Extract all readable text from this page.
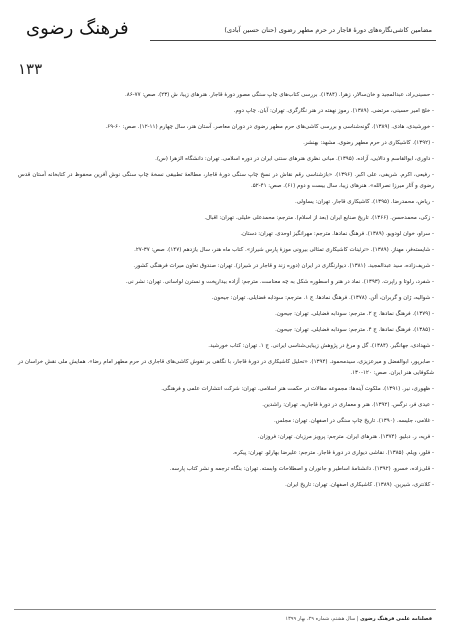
فرهنگ رضوی	مضامین کاشی‌نگاره‌های دورۀ قاجار در حرم مطهر رضوی (حنان حسین آبادی)
۱۳۳

- حسینی‌راد، عبدالمجید و خان‌سالار، زهرا. (۱۳۸۴). بررسی کتاب‌های چاپ سنگی مصور دورۀ قاجار. هنرهای زیبا، ش (۲۳). صص: ۷۷-۸۶.

- خلج امیر حسینی، مرتضی. (۱۳۸۹). رموز نهفته در هنر نگارگری. تهران: آبان. چاپ دوم.

- خورشیدی، هادی. (۱۳۸۹). گونه‌شناسی و بررسی کاشی‌های حرم مطهر رضوی در دوران معاصر. آستان هنر، سال چهارم (۱۱-۱۲). صص: ۶۰-۶۹.

- (۱۳۹۲). کاشیکاری در حرم مطهر رضوی. مشهد: بهنشر.

- داوری، ابوالقاسم و دالایی، آزاده. (۱۳۹۵). مبانی نظری هنرهای سنتی ایران در دوره اسلامی. تهران: دانشگاه الزهرا (س).

- رفیعی، اکرم. شریفی، علی اکبر. (۱۳۹۶). «بازشناسی رقم نقاش در نسخ چاپ سنگی دورۀ قاجار، مطالعۀ تطبیقی نسخۀ چاپ سنگی نوش آفرین محفوظ در کتابخانه آستان قدس رضوی و آثار میرزا نصرالله». هنرهای زیبا، سال بیست و دوم (۶۱). صص: ۴۱-۵۲.

- رياض، محمدرضا. (۱۳۹۵). کاشیکاری قاجار. تهران: یساولی.

- زکی، محمدحسن. (۱۳۶۶). تاریخ صنایع ایران (بعد از اسلام). مترجم: محمدعلی خلیلی. تهران: اقبال.

- سراو، خوان لودویو. (۱۳۸۹). فرهنگ نمادها. مترجم: مهرانگیز اوحدی. تهران: دستان.

- شایسته‌فر، مهناز. (۱۳۸۹). «ترئینات کاشیکاری تمثالی بیرونی موزۀ پارس شیراز». کتاب ماه هنر، سال یازدهم (۱۴۷). صص: ۳۷-۲۷.

- شریف‌زاده، سید عبدالمجید. (۱۳۸۱). دیوارنگاری در ایران (دوره زند و قاجار در شیراز). تهران: صندوق تعاون میراث فرهنگی کشور.

- شفرد، رلوتا و راپرت. (۱۳۹۳). نماد در هنر و اسطوره شکل به چه معناست. مترجم: آزاده بیدارپخت و نسترن لواسانی. تهران: نشر نی.

- شوالیه، ژان و گربران، آلن. (۱۳۷۸). فرهنگ نمادها. ج ۱. مترجم: سودابه فضایلی. تهران: جیحون.

- (۱۳۷۹). فرهنگ نمادها. ج ۲. مترجم: سودابه فضایلی. تهران: جیحون.

- (۱۳۸۵). فرهنگ نمادها. ج ۴. مترجم: سودابه فضایلی. تهران: جیحون.

- شهدادی، جهانگیر. (۱۳۸۴). گل و مرغ در پژوهش زیبایی‌شناسی ایرانی. ج ۱. تهران: کتاب خورشید.

- صابرپور، ابوالفضل و میرعزیزی، سیدمحمود. (۱۳۹۴). «تحلیل کاشیکاری در دورۀ قاجار، با نگاهی بر نقوش کاشی‌های قاجاری در حرم مطهر امام رضا». همایش ملی نقش خراسان در شکوفایی هنر ایران. صص: ۱۲۰-۱۳۰.

- ظهوری، نیر. (۱۳۹۱). ملکوت آینه‌ها: مجموعه مقالات در حکمت هنر اسلامی. تهران: شرکت انتشارات علمی و فرهنگی.

- عیدی فر، نرگس. (۱۳۹۲). هنر و معماری در دورۀ قاجاریه. تهران: راشدین.

- غلامی، جلیسه. (۱۳۹۰). تاریخ چاپ سنگی در اصفهان. تهران: مجلس.

- فریه، ر. دبلیو. (۱۳۷۴). هنرهای ایران. مترجم: پرویز مرزبان. تهران: فروزان.

- فلور، ویلم. (۱۳۸۵). نقاشی دیواری در دورۀ قاجار. مترجم: علیرضا بهارلو. تهران: پیکره.

- قلی‌زاده، خسرو. (۱۳۹۲). دانشنامۀ اساطیر و جانوران و اصطلاحات وابسته. تهران: بنگاه ترجمه و نشر کتاب پارسه.

- کلانتری، شیرین. (۱۳۸۹). کاشیکاری اصفهان. تهران: تاریخ ایران.

فصلنامه علمی فرهنگ رضوی | سال هشتم، شماره ۲۹، بهار ۱۳۹۹
